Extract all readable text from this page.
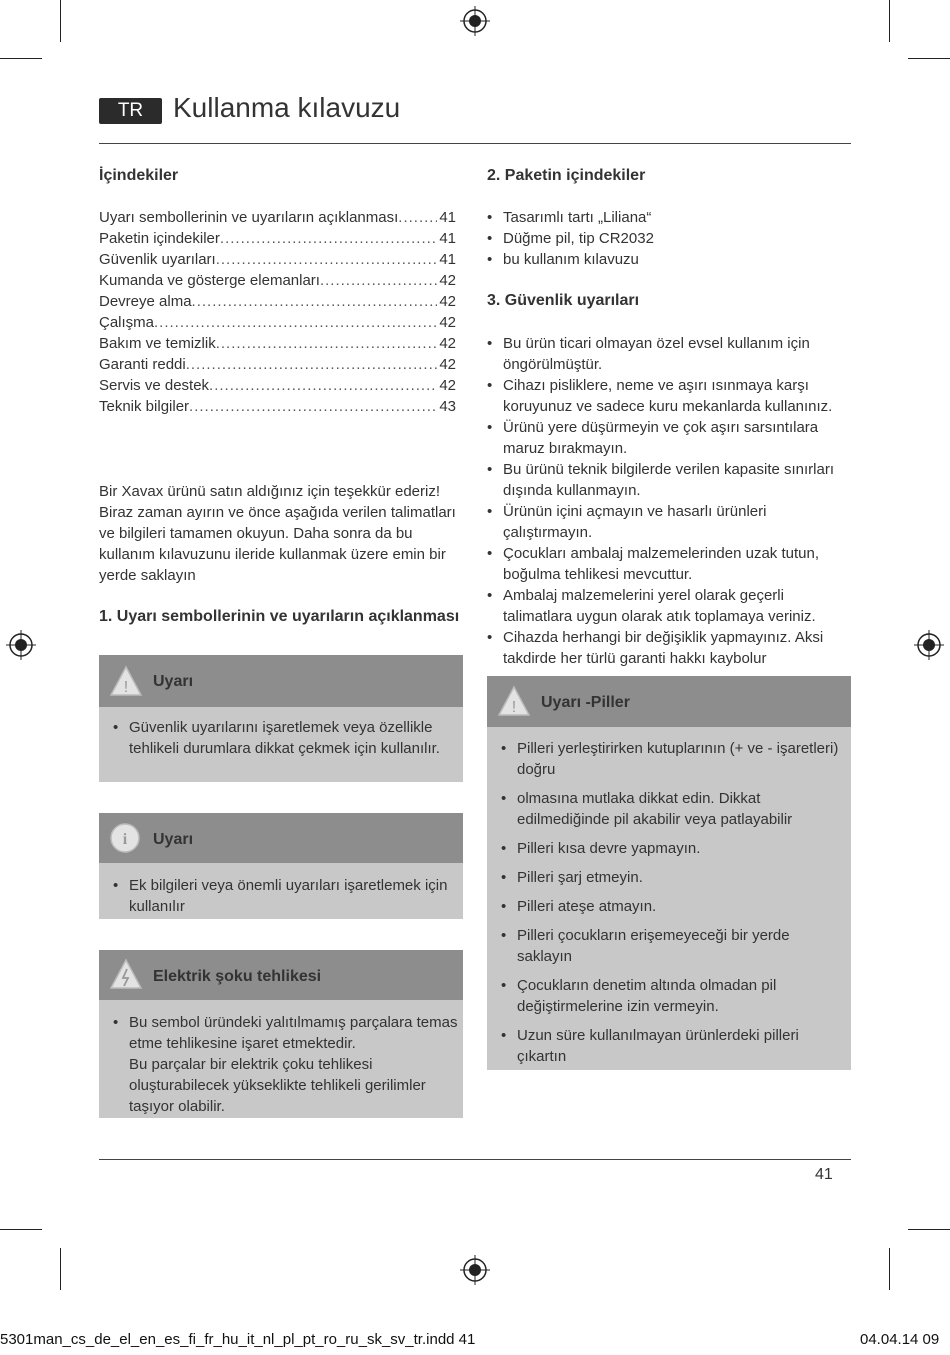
TR	Kullanma kılavuzu
İçindekiler
Uyarı sembollerinin ve uyarıların açıklanması .....	41
Paketin içindekiler .....	41
Güvenlik uyarıları .....	41
Kumanda ve gösterge elemanları .....	42
Devreye alma .....	42
Çalışma .....	42
Bakım ve temizlik .....	42
Garanti reddi .....	42
Servis ve destek .....	42
Teknik bilgiler .....	43
Bir Xavax ürünü satın aldığınız için teşekkür ederiz! Biraz zaman ayırın ve önce aşağıda verilen talimatları ve bilgileri tamamen okuyun. Daha sonra da bu kullanım kılavuzunu ileride kullanmak üzere emin bir yerde saklayın
1. Uyarı sembollerinin ve uyarıların açıklanması
! Uyarı
• Güvenlik uyarılarını işaretlemek veya özellikle tehlikeli durumlara dikkat çekmek için kullanılır.
i Uyarı
• Ek bilgileri veya önemli uyarıları işaretlemek için kullanılır
Elektrik şoku tehlikesi
• Bu sembol üründeki yalıtılmamış parçalara temas etme tehlikesine işaret etmektedir.
Bu parçalar bir elektrik çoku tehlikesi oluşturabilecek yükseklikte tehlikeli gerilimler taşıyor olabilir.
2. Paketin içindekiler
• Tasarımlı tartı „Liliana“
• Düğme pil, tip CR2032
• bu kullanım kılavuzu
3. Güvenlik uyarıları
• Bu ürün ticari olmayan özel evsel kullanım için öngörülmüştür.
• Cihazı pisliklere, neme ve aşırı ısınmaya karşı koruyunuz ve sadece kuru mekanlarda kullanınız.
• Ürünü yere düşürmeyin ve çok aşırı sarsıntılara maruz bırakmayın.
• Bu ürünü teknik bilgilerde verilen kapasite sınırları dışında kullanmayın.
• Ürünün içini açmayın ve hasarlı ürünleri çalıştırmayın.
• Çocukları ambalaj malzemelerinden uzak tutun, boğulma tehlikesi mevcuttur.
• Ambalaj malzemelerini yerel olarak geçerli talimatlara uygun olarak atık toplamaya veriniz.
• Cihazda herhangi bir değişiklik yapmayınız. Aksi takdirde her türlü garanti hakkı kaybolur
! Uyarı -Piller
• Pilleri yerleştirirken kutuplarının (+ ve - işaretleri) doğru
• olmasına mutlaka dikkat edin. Dikkat edilmediğinde pil akabilir veya patlayabilir
• Pilleri kısa devre yapmayın.
• Pilleri şarj etmeyin.
• Pilleri ateşe atmayın.
• Pilleri çocukların erişemeyeceği bir yerde saklayın
• Çocukların denetim altında olmadan pil değiştirmelerine izin vermeyin.
• Uzun süre kullanılmayan ürünlerdeki pilleri çıkartın
41
5301man_cs_de_el_en_es_fi_fr_hu_it_nl_pl_pt_ro_ru_sk_sv_tr.indd 41	04.04.14 09
